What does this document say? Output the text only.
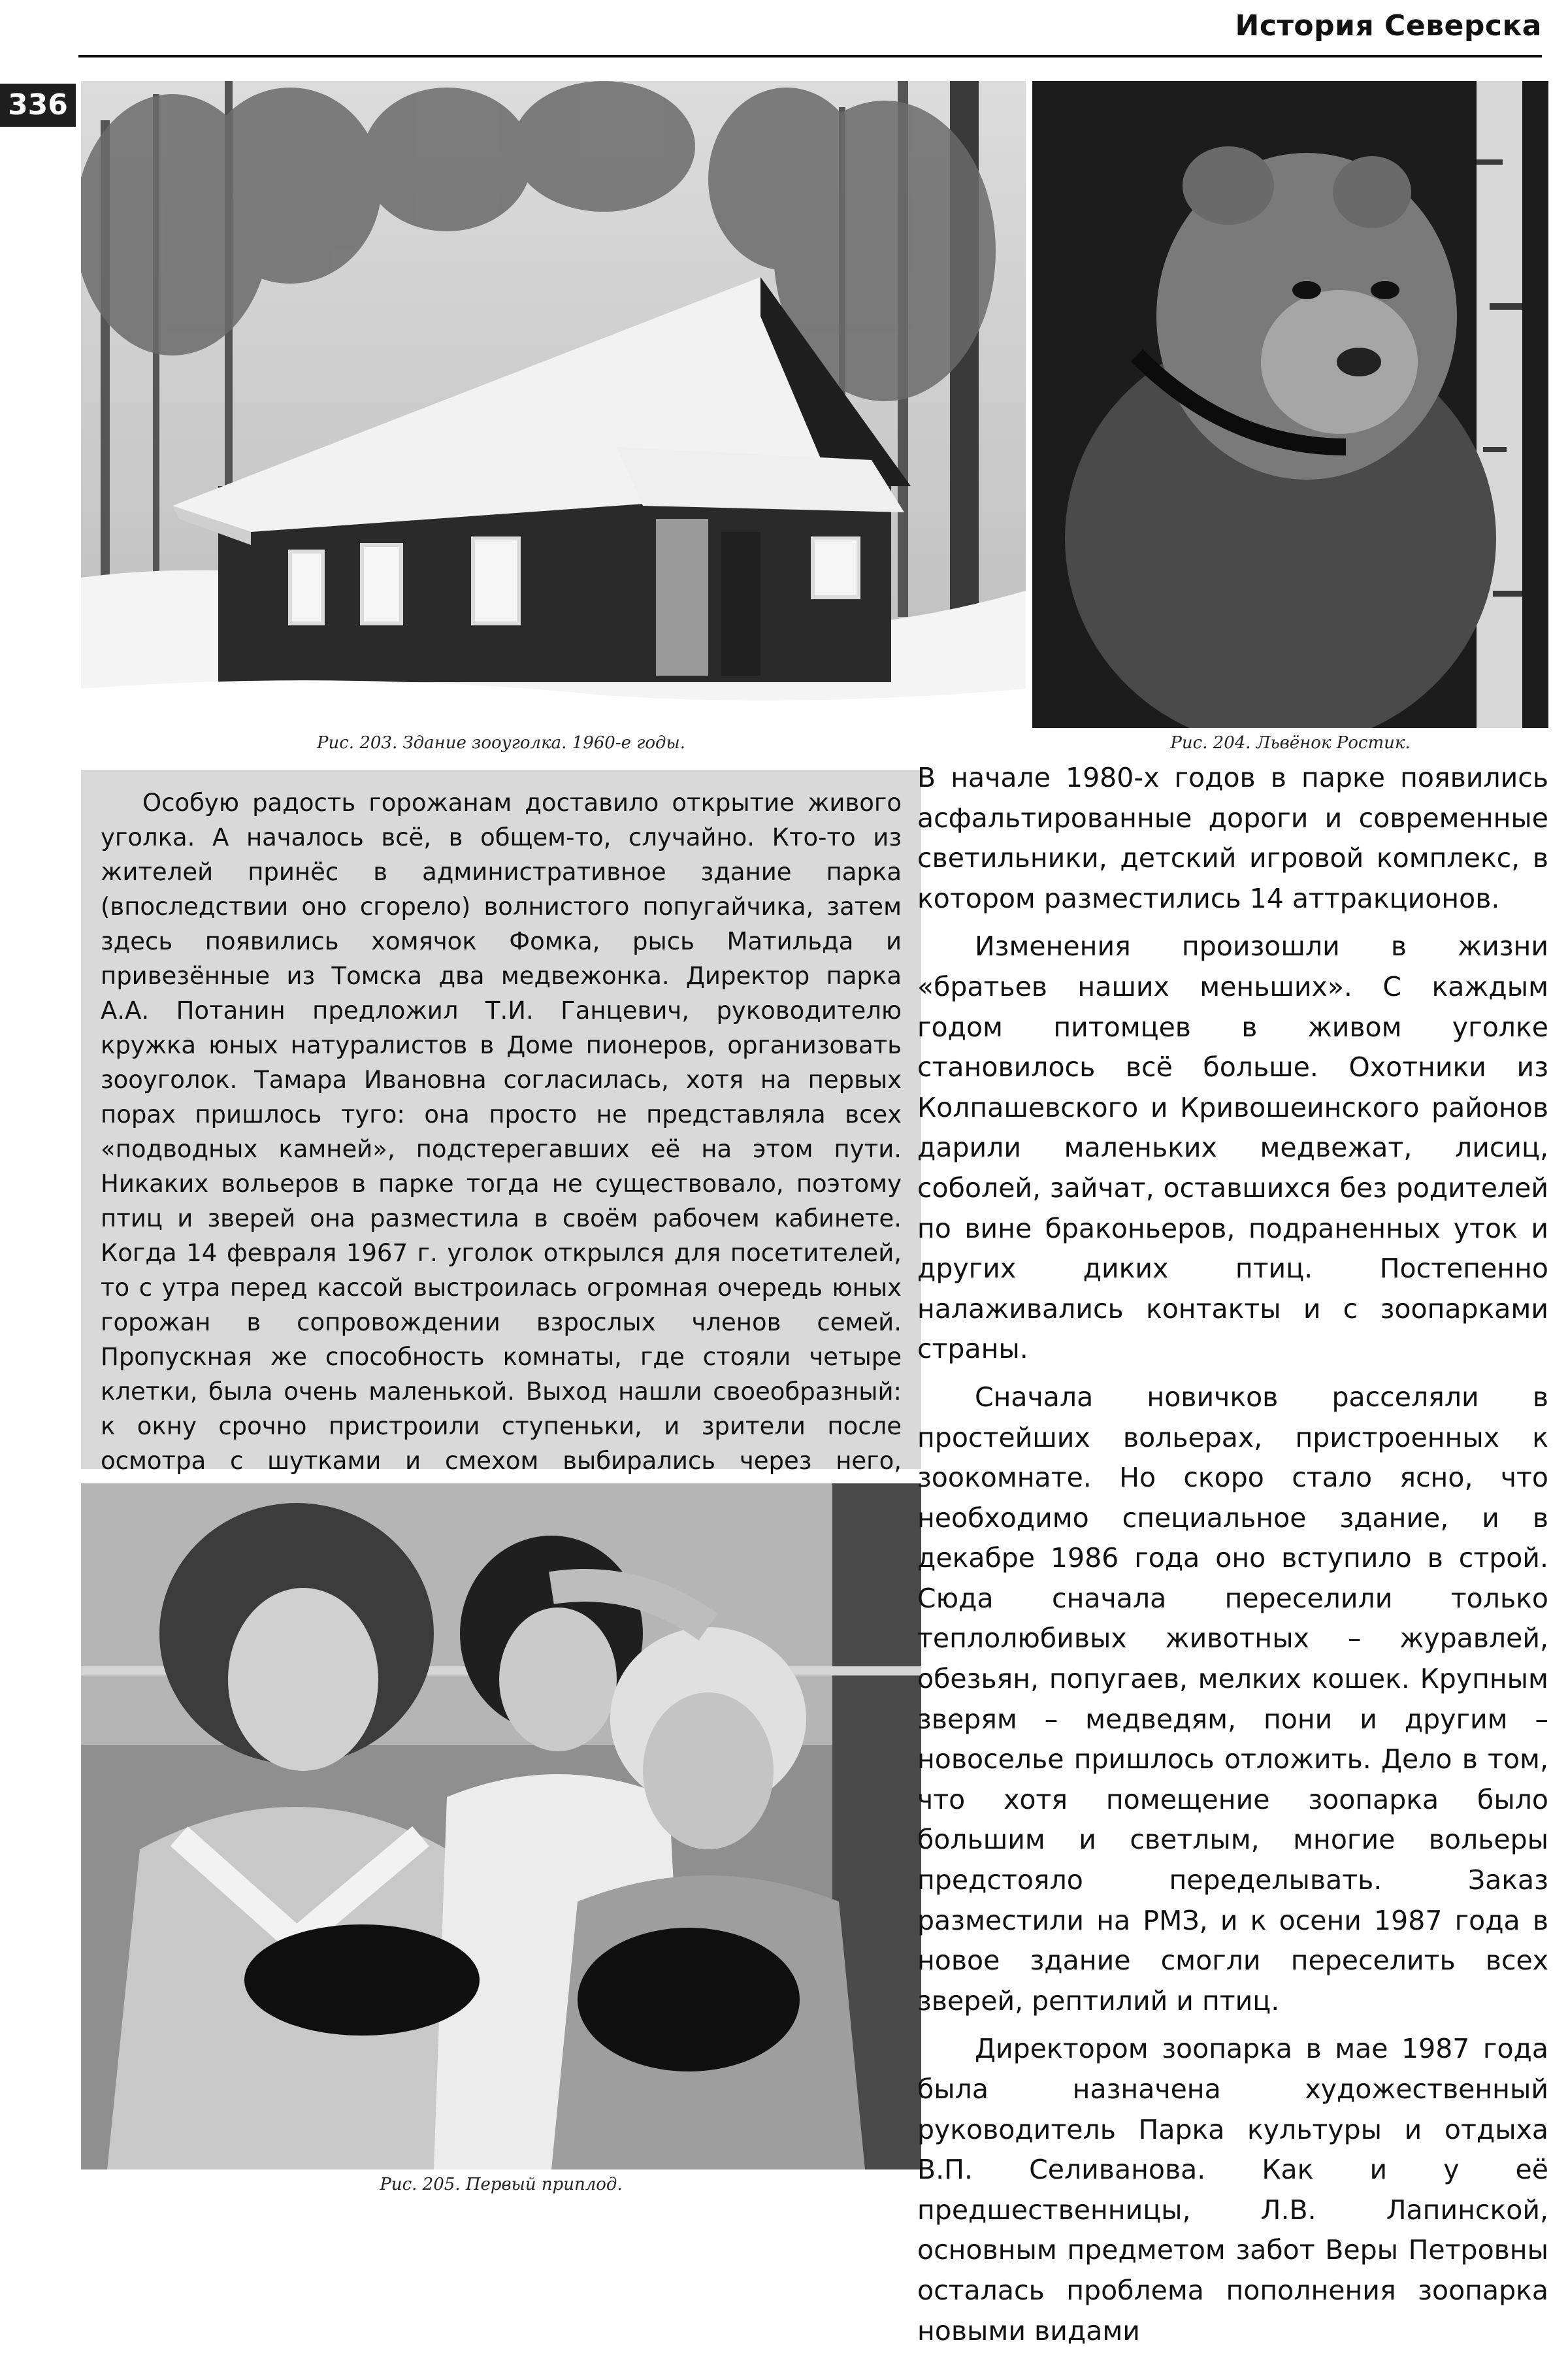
История Северска
336
Рис. 203. Здание зооуголка. 1960-е годы.	Рис. 204. Львёнок Ростик.

Особую радость горожанам доставило открытие живого уголка. А началось всё, в общем-то, случайно. Кто-то из жителей принёс в административное здание парка (впоследствии оно сгорело) волнистого попугайчика, затем здесь появились хомячок Фомка, рысь Матильда и привезённые из Томска два медвежонка. Директор парка А.А. Потанин предложил Т.И. Ганцевич, руководителю кружка юных натуралистов в Доме пионеров, организовать зооуголок. Тамара Ивановна согласилась, хотя на первых порах пришлось туго: она просто не представляла всех «подводных камней», подстерегавших её на этом пути. Никаких вольеров в парке тогда не существовало, поэтому птиц и зверей она разместила в своём рабочем кабинете. Когда 14 февраля 1967 г. уголок открылся для посетителей, то с утра перед кассой выстроилась огромная очередь юных горожан в сопровождении взрослых членов семей. Пропускная же способность комнаты, где стояли четыре клетки, была очень маленькой. Выход нашли своеобразный: к окну срочно пристроили ступеньки, и зрители после осмотра с шутками и смехом выбирались через него,

Рис. 205. Первый приплод.

В начале 1980-х годов в парке появились асфальтированные дороги и современные светильники, детский игровой комплекс, в котором разместились 14 аттракционов.

Изменения произошли в жизни «братьев наших меньших». С каждым годом питомцев в живом уголке становилось всё больше. Охотники из Колпашевского и Кривошеинского районов дарили маленьких медвежат, лисиц, соболей, зайчат, оставшихся без родителей по вине браконьеров, подраненных уток и других диких птиц. Постепенно налаживались контакты и с зоопарками страны.

Сначала новичков расселяли в простейших вольерах, пристроенных к зоокомнате. Но скоро стало ясно, что необходимо специальное здание, и в декабре 1986 года оно вступило в строй. Сюда сначала переселили только теплолюбивых животных – журавлей, обезьян, попугаев, мелких кошек. Крупным зверям – медведям, пони и другим – новоселье пришлось отложить. Дело в том, что хотя помещение зоопарка было большим и светлым, многие вольеры предстояло переделывать. Заказ разместили на РМЗ, и к осени 1987 года в новое здание смогли переселить всех зверей, рептилий и птиц.

Директором зоопарка в мае 1987 года была назначена художественный руководитель Парка культуры и отдыха В.П. Селиванова. Как и у её предшественницы, Л.В. Лапинской, основным предметом забот Веры Петровны осталась проблема пополнения зоопарка новыми видами
